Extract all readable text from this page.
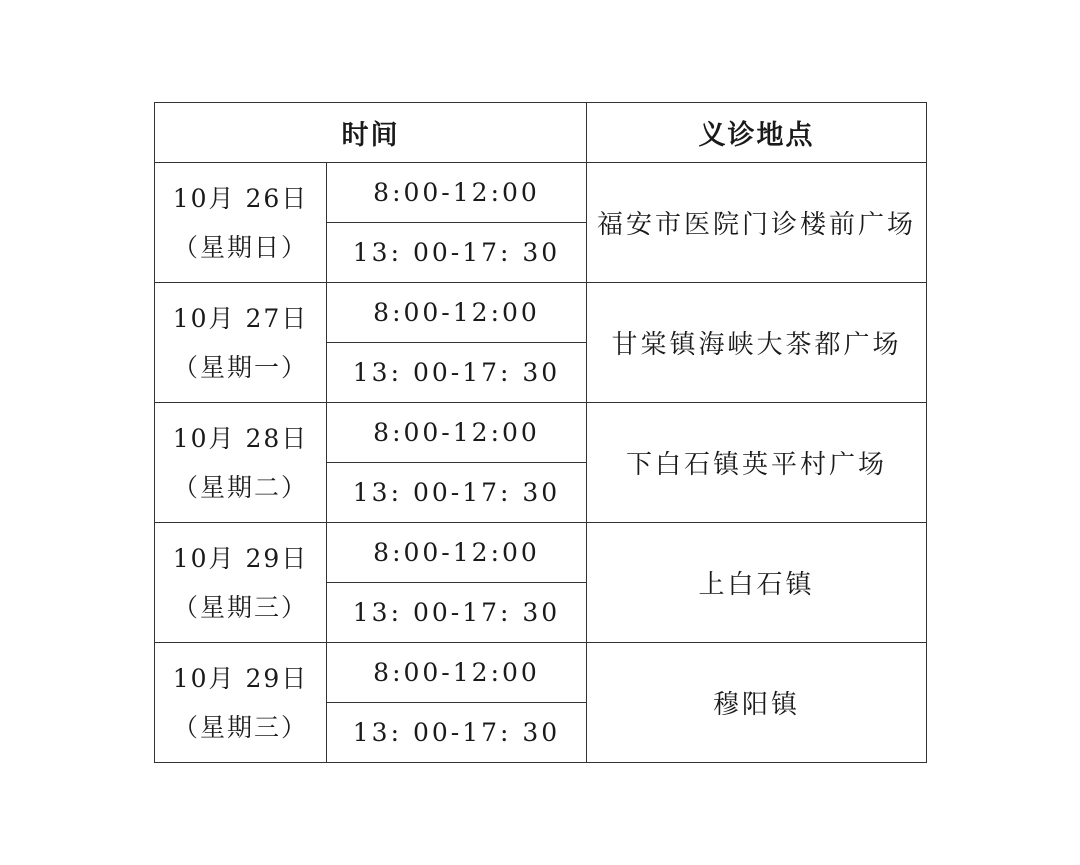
时间		义诊地点

10月 26日
（星期日）	8:00-12:00	福安市医院门诊楼前广场
	13: 00-17: 30	

10月 27日
（星期一）	8:00-12:00	甘棠镇海峡大茶都广场
	13: 00-17: 30	

10月 28日
（星期二）	8:00-12:00	下白石镇英平村广场
	13: 00-17: 30	

10月 29日
（星期三）	8:00-12:00	上白石镇
	13: 00-17: 30	

10月 29日
（星期三）	8:00-12:00	穆阳镇
	13: 00-17: 30	
